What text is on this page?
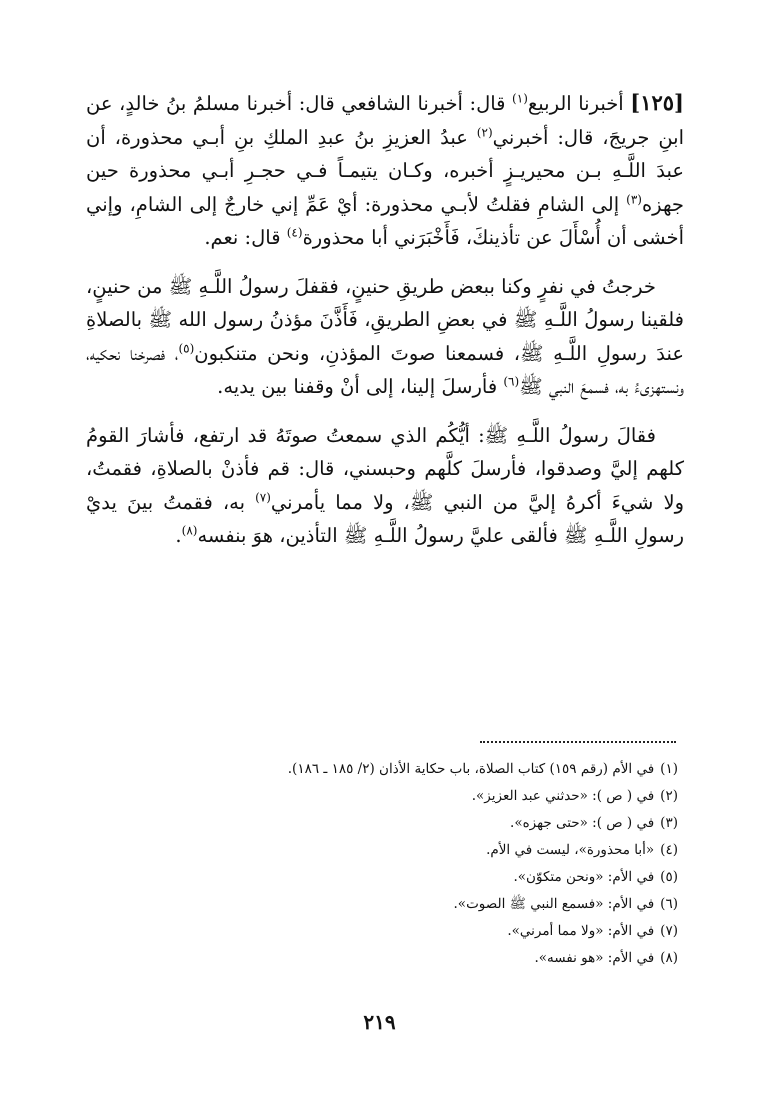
[١٢٥] أخبرنا الربيع$^{(١)}$ قال: أخبرنا الشافعي قال: أخبرنا مسلمُ بنُ خالدٍ، عن ابنِ جريجَ، قال: أخبرني$^{(٢)}$ عبدُ العزيزِ بنُ عبدِ الملكِ بنِ أبـي محذورة، أن عبدَ اللَّـهِ بـن محيريـزٍ أخبره، وكـان يتيمـاً فـي حجـرِ أبـي محذورة حين جهزه$^{(٣)}$ إلى الشامِ فقلتُ لأبـي محذورة: أيْ عَمِّ إني خارجٌ إلى الشامِ، وإني أخشى أن أُسْأَلَ عن تأذينكَ، فَأَخْبَرَني أبا محذورة$^{(٤)}$ قال: نعم.

خرجتُ في نفرٍ وكنا ببعض طريقِ حنينٍ، فقفلَ رسولُ اللَّـهِ ﷺ من حنينٍ، فلقينا رسولُ اللَّـهِ ﷺ في بعضِ الطريقِ، فَأَذَّنَ مؤذنُ رسول الله ﷺ بالصلاةِ عندَ رسولِ اللَّـهِ ﷺ، فسمعنا صوتَ المؤذنِ، ونحن متنكبون$^{(٥)}$، فصرخنا نحكيه، ونستهزىءُ به، فسمعَ النبي ﷺ$^{(٦)}$ فأرسلَ إلينا، إلى أنْ وقفنا بين يديه.

فقالَ رسولُ اللَّـهِ ﷺ: أيُّكُم الذي سمعتُ صوتَهُ قد ارتفع، فأشارَ القومُ كلهم إليَّ وصدقوا، فأرسلَ كلَّهم وحبسني، قال: قم فأذنْ بالصلاةِ، فقمتُ، ولا شيءَ أكرهُ إليَّ من النبي ﷺ، ولا مما يأمرني$^{(٧)}$ به، فقمتُ بينَ يديْ رسولِ اللَّـهِ ﷺ فألقى عليَّ رسولُ اللَّـهِ ﷺ التأذين، هوَ بنفسه$^{(٨)}$.

(١)في الأم (رقم ١٥٩) كتاب الصلاة، باب حكاية الأذان (٢/ ١٨٥ ـ ١٨٦).
(٢)في ( ص ): «حدثني عبد العزيز».
(٣)في ( ص ): «حتى جهزه».
(٤)«أبا محذورة»، ليست في الأم.
(٥)في الأم: «ونحن متكوّن».
(٦)في الأم: «فسمع النبي ﷺ الصوت».
(٧)في الأم: «ولا مما أمرني».
(٨)في الأم: «هو نفسه».
٢١٩
